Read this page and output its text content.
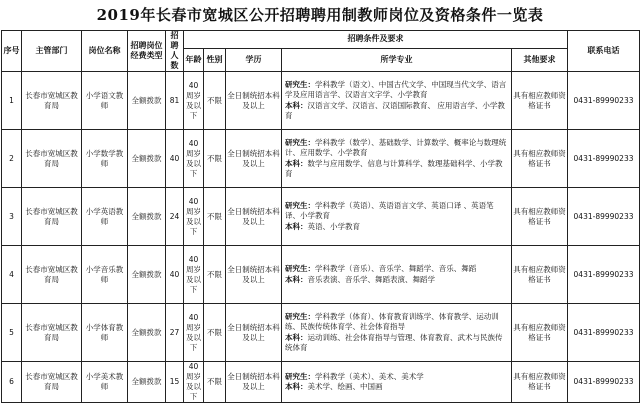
2019年长春市宽城区公开招聘聘用制教师岗位及资格条件一览表
序号	主管部门	岗位名称	招聘岗位经费类型	招聘人数	招聘条件及要求					联系电话
					年龄	性别	学历	所学专业	其他要求	
1	长春市宽城区教育局	小学语文教师	全额拨款	81	40周岁及以下	不限	全日制统招本科及以上	研究生：学科教学（语文）、中国古代文学、中国现当代文学、语言学及应用语言学、汉语言文字学、小学教育
本科：汉语言文学、汉语言、汉语国际教育、 应用语言学、小学教育	具有相应教师资格证书	0431-89990233
2	长春市宽城区教育局	小学数学教师	全额拨款	40	40周岁及以下	不限	全日制统招本科及以上	研究生：学科教学（数学）、基础数学、计算数学、概率论与数理统计、应用数学、小学教育
本科：数学与应用数学、信息与计算科学、数理基础科学、小学教育	具有相应教师资格证书	0431-89990233
3	长春市宽城区教育局	小学英语教师	全额拨款	24	40周岁及以下	不限	全日制统招本科及以上	研究生：学科教学（英语）、英语语言文学、英语口译 、英语笔译、小学教育
本科：英语、小学教育	具有相应教师资格证书	0431-89990233
4	长春市宽城区教育局	小学音乐教师	全额拨款	40	40周岁及以下	不限	全日制统招本科及以上	研究生：学科教学（音乐）、音乐学、舞蹈学、音乐、舞蹈
本科：音乐表演、音乐学、舞蹈表演、舞蹈学	具有相应教师资格证书	0431-89990233
5	长春市宽城区教育局	小学体育教师	全额拨款	27	40周岁及以下	不限	全日制统招本科及以上	研究生：学科教学（体育）、体育教育训练学、体育教学、运动训练、民族传统体育学、社会体育指导
本科：运动训练、社会体育指导与管理、体育教育、武术与民族传统体育	具有相应教师资格证书	0431-89990233
6	长春市宽城区教育局	小学美术教师	全额拨款	15	40周岁及以下	不限	全日制统招本科及以上	研究生：学科教学（美术）、美术、美术学
本科：美术学、绘画、中国画	具有相应教师资格证书	0431-89990233
